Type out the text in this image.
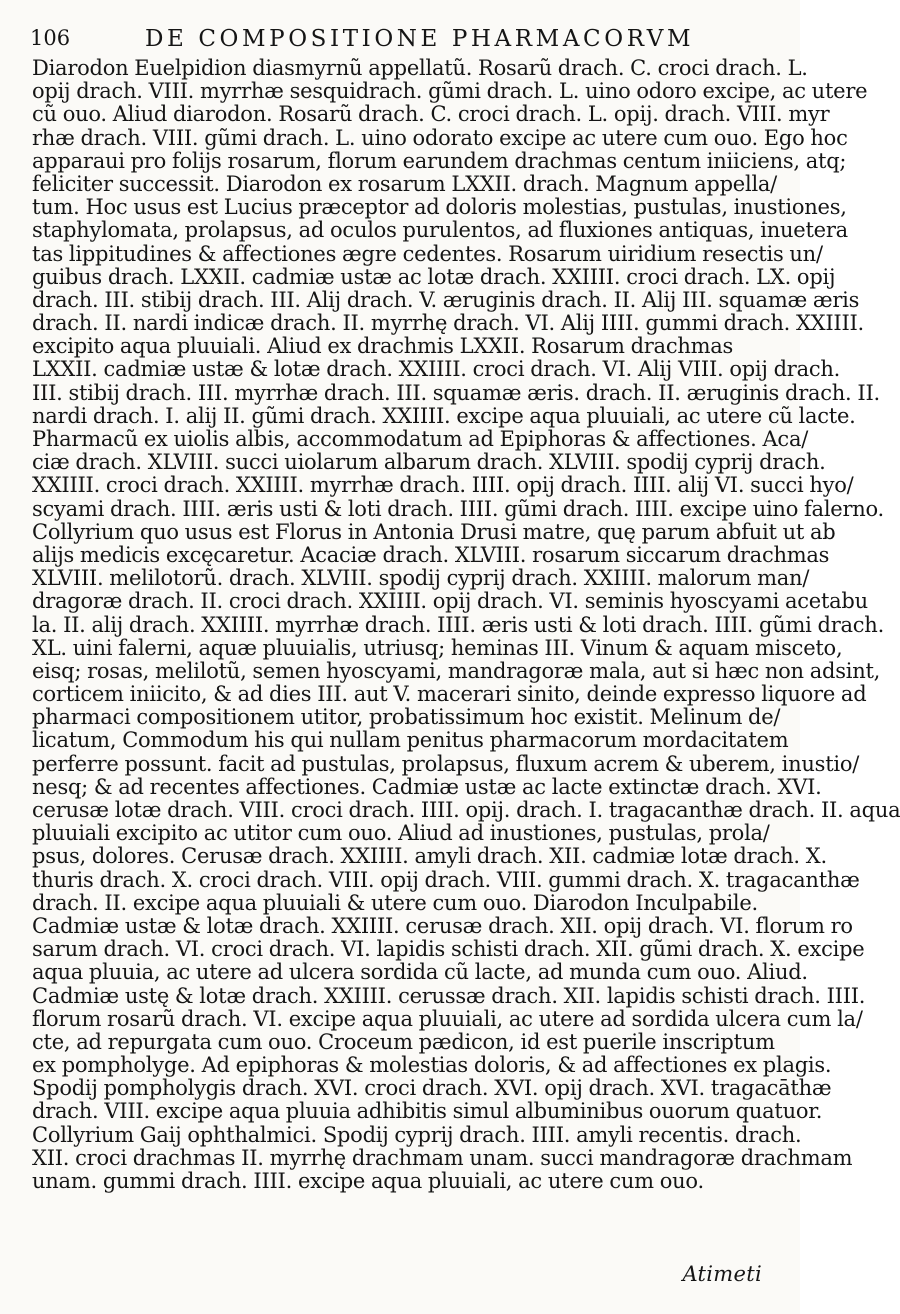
106	DE COMPOSITIONE PHARMACORVM
Diarodon Euelpidion diasmyrnũ appellatũ. Rosarũ drach. C. croci drach. L.
opij drach. VIII. myrrhæ sesquidrach. gũmi drach. L. uino odoro excipe, ac utere
cũ ouo. Aliud diarodon. Rosarũ drach. C. croci drach. L. opij. drach. VIII. myr
rhæ drach. VIII. gũmi drach. L. uino odorato excipe ac utere cum ouo. Ego hoc
apparaui pro folijs rosarum, florum earundem drachmas centum iniiciens, atq;
feliciter successit. Diarodon ex rosarum LXXII. drach. Magnum appella/
tum. Hoc usus est Lucius præceptor ad doloris molestias, pustulas, inustiones,
staphylomata, prolapsus, ad oculos purulentos, ad fluxiones antiquas, inuetera
tas lippitudines & affectiones ægre cedentes. Rosarum uiridium resectis un/
guibus drach. LXXII. cadmiæ ustæ ac lotæ drach. XXIIII. croci drach. LX. opij
drach. III. stibij drach. III. Alij drach. V. æruginis drach. II. Alij III. squamæ æris
drach. II. nardi indicæ drach. II. myrrhę drach. VI. Alij IIII. gummi drach. XXIIII.
excipito aqua pluuiali. Aliud ex drachmis LXXII. Rosarum drachmas
LXXII. cadmiæ ustæ & lotæ drach. XXIIII. croci drach. VI. Alij VIII. opij drach.
III. stibij drach. III. myrrhæ drach. III. squamæ æris. drach. II. æruginis drach. II.
nardi drach. I. alij II. gũmi drach. XXIIII. excipe aqua pluuiali, ac utere cũ lacte.
Pharmacũ ex uiolis albis, accommodatum ad Epiphoras & affectiones. Aca/
ciæ drach. XLVIII. succi uiolarum albarum drach. XLVIII. spodij cyprij drach.
XXIIII. croci drach. XXIIII. myrrhæ drach. IIII. opij drach. IIII. alij VI. succi hyo/
scyami drach. IIII. æris usti & loti drach. IIII. gũmi drach. IIII. excipe uino falerno.
Collyrium quo usus est Florus in Antonia Drusi matre, quę parum abfuit ut ab
alijs medicis excęcaretur. Acaciæ drach. XLVIII. rosarum siccarum drachmas
XLVIII. melilotorũ. drach. XLVIII. spodij cyprij drach. XXIIII. malorum man/
dragoræ drach. II. croci drach. XXIIII. opij drach. VI. seminis hyoscyami acetabu
la. II. alij drach. XXIIII. myrrhæ drach. IIII. æris usti & loti drach. IIII. gũmi drach.
XL. uini falerni, aquæ pluuialis, utriusq; heminas III. Vinum & aquam misceto,
eisq; rosas, melilotũ, semen hyoscyami, mandragoræ mala, aut si hæc non adsint,
corticem iniicito, & ad dies III. aut V. macerari sinito, deinde expresso liquore ad
pharmaci compositionem utitor, probatissimum hoc existit. Melinum de/
licatum, Commodum his qui nullam penitus pharmacorum mordacitatem
perferre possunt. facit ad pustulas, prolapsus, fluxum acrem & uberem, inustio/
nesq; & ad recentes affectiones. Cadmiæ ustæ ac lacte extinctæ drach. XVI.
cerusæ lotæ drach. VIII. croci drach. IIII. opij. drach. I. tragacanthæ drach. II. aqua
pluuiali excipito ac utitor cum ouo. Aliud ad inustiones, pustulas, prola/
psus, dolores. Cerusæ drach. XXIIII. amyli drach. XII. cadmiæ lotæ drach. X.
thuris drach. X. croci drach. VIII. opij drach. VIII. gummi drach. X. tragacanthæ
drach. II. excipe aqua pluuiali & utere cum ouo. Diarodon Inculpabile.
Cadmiæ ustæ & lotæ drach. XXIIII. cerusæ drach. XII. opij drach. VI. florum ro
sarum drach. VI. croci drach. VI. lapidis schisti drach. XII. gũmi drach. X. excipe
aqua pluuia, ac utere ad ulcera sordida cũ lacte, ad munda cum ouo. Aliud.
Cadmiæ ustę & lotæ drach. XXIIII. cerussæ drach. XII. lapidis schisti drach. IIII.
florum rosarũ drach. VI. excipe aqua pluuiali, ac utere ad sordida ulcera cum la/
cte, ad repurgata cum ouo. Croceum pædicon, id est puerile inscriptum
ex pompholyge. Ad epiphoras & molestias doloris, & ad affectiones ex plagis.
Spodij pompholygis drach. XVI. croci drach. XVI. opij drach. XVI. tragacāthæ
drach. VIII. excipe aqua pluuia adhibitis simul albuminibus ouorum quatuor.
Collyrium Gaij ophthalmici. Spodij cyprij drach. IIII. amyli recentis. drach.
XII. croci drachmas II. myrrhę drachmam unam. succi mandragoræ drachmam
unam. gummi drach. IIII. excipe aqua pluuiali, ac utere cum ouo.
Atimeti
